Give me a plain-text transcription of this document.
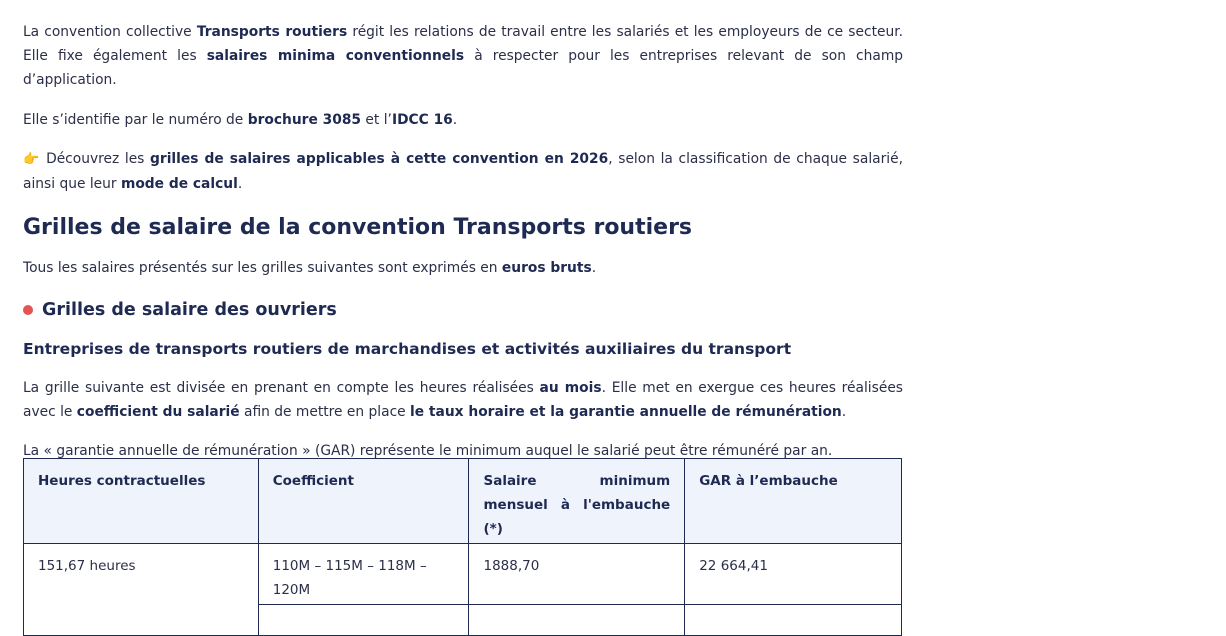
La convention collective Transports routiers régit les relations de travail entre les salariés et les employeurs de ce secteur. Elle fixe également les salaires minima conventionnels à respecter pour les entreprises relevant de son champ d’application.

Elle s’identifie par le numéro de brochure 3085 et l’IDCC 16.

👉 Découvrez les grilles de salaires applicables à cette convention en 2026, selon la classification de chaque salarié, ainsi que leur mode de calcul.

Grilles de salaire de la convention Transports routiers

Tous les salaires présentés sur les grilles suivantes sont exprimés en euros bruts.

Grilles de salaire des ouvriers
Entreprises de transports routiers de marchandises et activités auxiliaires du transport

La grille suivante est divisée en prenant en compte les heures réalisées au mois. Elle met en exergue ces heures réalisées avec le coefficient du salarié afin de mettre en place le taux horaire et la garantie annuelle de rémunération.

La « garantie annuelle de rémunération » (GAR) représente le minimum auquel le salarié peut être rémunéré par an.

Heures contractuelles	Coefficient	Salaire minimum mensuel à l'embauche (*)	GAR à l’embauche
151,67 heures	110M – 115M – 118M – 120M	1888,70	22 664,41
